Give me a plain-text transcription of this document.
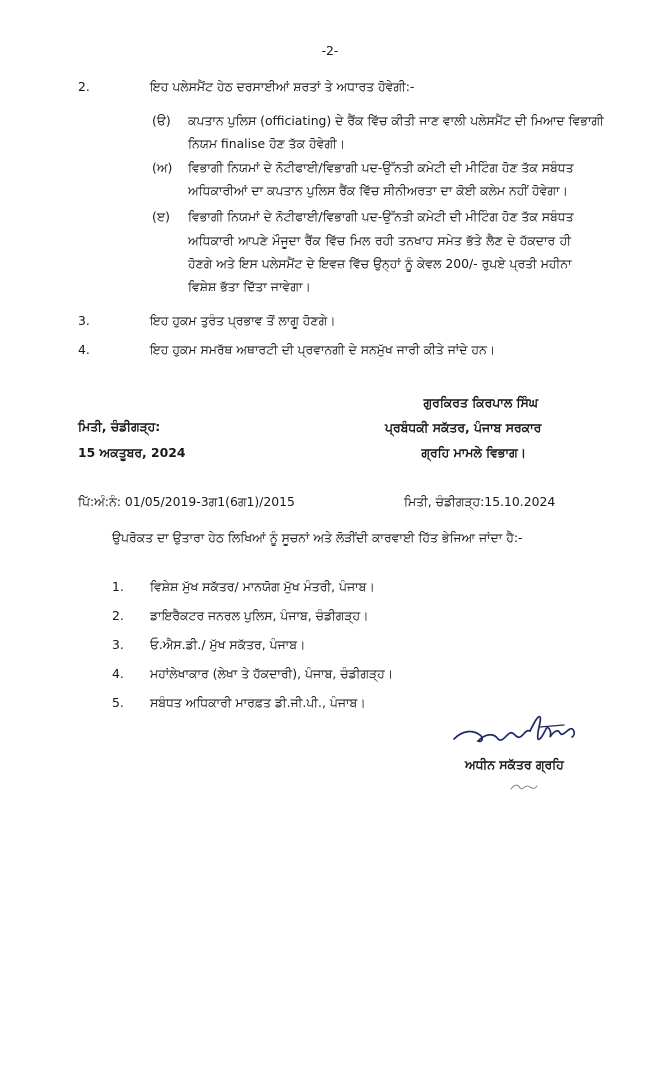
-2-
2.	ਇਹ ਪਲੇਸਮੈਂਟ ਹੇਠ ਦਰਸਾਈਆਂ ਸ਼ਰਤਾਂ ਤੇ ਅਧਾਰਤ ਹੋਵੇਗੀ:-
(ੳ) ਕਪਤਾਨ ਪੁਲਿਸ (officiating) ਦੇ ਰੈਂਕ ਵਿੱਚ ਕੀਤੀ ਜਾਣ ਵਾਲੀ ਪਲੇਸਮੈਂਟ ਦੀ ਮਿਆਦ ਵਿਭਾਗੀ
ਨਿਯਮ finalise ਹੋਣ ਤੱਕ ਹੋਵੇਗੀ।
(ਅ) ਵਿਭਾਗੀ ਨਿਯਮਾਂ ਦੇ ਨੋਟੀਫਾਈ/ਵਿਭਾਗੀ ਪਦ-ਉੱਨਤੀ ਕਮੇਟੀ ਦੀ ਮੀਟਿੰਗ ਹੋਣ ਤੱਕ ਸਬੰਧਤ
ਅਧਿਕਾਰੀਆਂ ਦਾ ਕਪਤਾਨ ਪੁਲਿਸ ਰੈਂਕ ਵਿੱਚ ਸੀਨੀਅਰਤਾ ਦਾ ਕੋਈ ਕਲੇਮ ਨਹੀਂ ਹੋਵੇਗਾ।
(ੲ) ਵਿਭਾਗੀ ਨਿਯਮਾਂ ਦੇ ਨੋਟੀਫਾਈ/ਵਿਭਾਗੀ ਪਦ-ਉੱਨਤੀ ਕਮੇਟੀ ਦੀ ਮੀਟਿੰਗ ਹੋਣ ਤੱਕ ਸਬੰਧਤ
ਅਧਿਕਾਰੀ ਆਪਣੇ ਮੌਜੂਦਾ ਰੈਂਕ ਵਿੱਚ ਮਿਲ ਰਹੀ ਤਨਖਾਹ ਸਮੇਤ ਭੱਤੇ ਲੈਣ ਦੇ ਹੱਕਦਾਰ ਹੀ
ਹੋਣਗੇ ਅਤੇ ਇਸ ਪਲੇਸਮੈਂਟ ਦੇ ਇਵਜ਼ ਵਿੱਚ ਉਨ੍ਹਾਂ ਨੂੰ ਕੇਵਲ 200/- ਰੁਪਏ ਪ੍ਰਤੀ ਮਹੀਨਾ
ਵਿਸ਼ੇਸ਼ ਭੱਤਾ ਦਿੱਤਾ ਜਾਵੇਗਾ।
3.	ਇਹ ਹੁਕਮ ਤੁਰੰਤ ਪ੍ਰਭਾਵ ਤੋਂ ਲਾਗੂ ਹੋਣਗੇ।
4.	ਇਹ ਹੁਕਮ ਸਮਰੱਥ ਅਥਾਰਟੀ ਦੀ ਪ੍ਰਵਾਨਗੀ ਦੇ ਸਨਮੁੱਖ ਜਾਰੀ ਕੀਤੇ ਜਾਂਦੇ ਹਨ।
ਗੁਰਕਿਰਤ ਕਿਰਪਾਲ ਸਿੰਘ
ਪ੍ਰਬੰਧਕੀ ਸਕੱਤਰ, ਪੰਜਾਬ ਸਰਕਾਰ
ਗ੍ਰਹਿ ਮਾਮਲੇ ਵਿਭਾਗ।
ਮਿਤੀ, ਚੰਡੀਗੜ੍ਹ:
15 ਅਕਤੂਬਰ, 2024
ਪਿੱ:ਅੰ:ਨੰ: 01/05/2019-3ਗ1(6ਗ1)/2015	ਮਿਤੀ, ਚੰਡੀਗੜ੍ਹ:15.10.2024
ਉਪਰੋਕਤ ਦਾ ਉਤਾਰਾ ਹੇਠ ਲਿਖਿਆਂ ਨੂੰ ਸੂਚਨਾਂ ਅਤੇ ਲੋੜੀਂਦੀ ਕਾਰਵਾਈ ਹਿੱਤ ਭੇਜਿਆ ਜਾਂਦਾ ਹੈ:-
1. ਵਿਸ਼ੇਸ਼ ਮੁੱਖ ਸਕੱਤਰ/ ਮਾਨਯੋਗ ਮੁੱਖ ਮੰਤਰੀ, ਪੰਜਾਬ।
2. ਡਾਇਰੈਕਟਰ ਜਨਰਲ ਪੁਲਿਸ, ਪੰਜਾਬ, ਚੰਡੀਗੜ੍ਹ।
3. ਓ.ਐਸ.ਡੀ./ ਮੁੱਖ ਸਕੱਤਰ, ਪੰਜਾਬ।
4. ਮਹਾਂਲੇਖਾਕਾਰ (ਲੇਖਾ ਤੇ ਹੱਕਦਾਰੀ), ਪੰਜਾਬ, ਚੰਡੀਗੜ੍ਹ।
5. ਸਬੰਧਤ ਅਧਿਕਾਰੀ ਮਾਰਫ਼ਤ ਡੀ.ਜੀ.ਪੀ., ਪੰਜਾਬ।
ਅਧੀਨ ਸਕੱਤਰ ਗ੍ਰਹਿ
